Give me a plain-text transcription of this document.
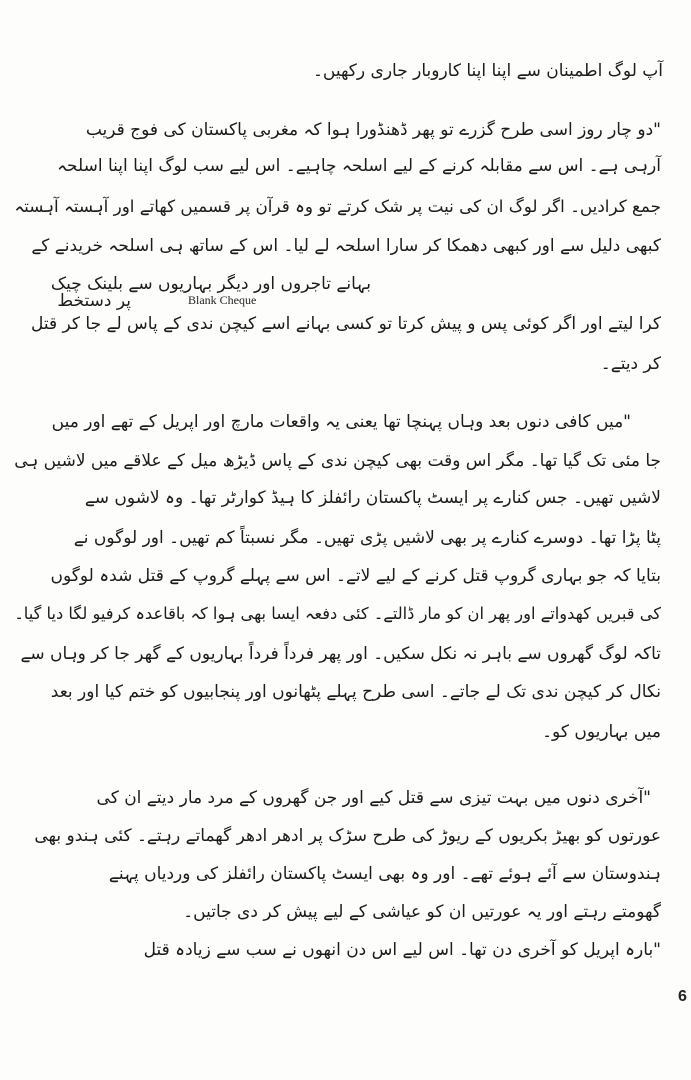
آپ لوگ اطمینان سے اپنا اپنا کاروبار جاری رکھیں۔
"دو چار روز اسی طرح گزرے تو پھر ڈھنڈورا ہوا کہ مغربی پاکستان کی فوج قریب
آرہی ہے۔ اس سے مقابلہ کرنے کے لیے اسلحہ چاہیے۔ اس لیے سب لوگ اپنا اپنا اسلحہ
جمع کرادیں۔ اگر لوگ ان کی نیت پر شک کرتے تو وہ قرآن پر قسمیں کھاتے اور آہستہ آہستہ
کبھی دلیل سے اور کبھی دھمکا کر سارا اسلحہ لے لیا۔ اس کے ساتھ ہی اسلحہ خریدنے کے
بہانے تاجروں اور دیگر بہاریوں سے بلینک چیک
Blank Cheque
پر دستخط
کرا لیتے اور اگر کوئی پس و پیش کرتا تو کسی بہانے اسے کیچن ندی کے پاس لے جا کر قتل
کر دیتے۔
"میں کافی دنوں بعد وہاں پہنچا تھا یعنی یہ واقعات مارچ اور اپریل کے تھے اور میں
جا مئی تک گیا تھا۔ مگر اس وقت بھی کیچن ندی کے پاس ڈیڑھ میل کے علاقے میں لاشیں ہی
لاشیں تھیں۔ جس کنارے پر ایسٹ پاکستان رائفلز کا ہیڈ کوارٹر تھا۔ وہ لاشوں سے
پٹا پڑا تھا۔ دوسرے کنارے پر بھی لاشیں پڑی تھیں۔ مگر نسبتاً کم تھیں۔ اور لوگوں نے
بتایا کہ جو بہاری گروپ قتل کرنے کے لیے لاتے۔ اس سے پہلے گروپ کے قتل شدہ لوگوں
کی قبریں کھدواتے اور پھر ان کو مار ڈالتے۔ کئی دفعہ ایسا بھی ہوا کہ باقاعدہ کرفیو لگا دیا گیا۔
تاکہ لوگ گھروں سے باہر نہ نکل سکیں۔ اور پھر فرداً فرداً بہاریوں کے گھر جا کر وہاں سے
نکال کر کیچن ندی تک لے جاتے۔ اسی طرح پہلے پٹھانوں اور پنجابیوں کو ختم کیا اور بعد
میں بہاریوں کو۔
"آخری دنوں میں بہت تیزی سے قتل کیے اور جن گھروں کے مرد مار دیتے ان کی
عورتوں کو بھیڑ بکریوں کے ریوڑ کی طرح سڑک پر ادھر ادھر گھماتے رہتے۔ کئی ہندو بھی
ہندوستان سے آئے ہوئے تھے۔ اور وہ بھی ایسٹ پاکستان رائفلز کی وردیاں پہنے
گھومتے رہتے اور یہ عورتیں ان کو عیاشی کے لیے پیش کر دی جاتیں۔
"بارہ اپریل کو آخری دن تھا۔ اس لیے اس دن انھوں نے سب سے زیادہ قتل
6
